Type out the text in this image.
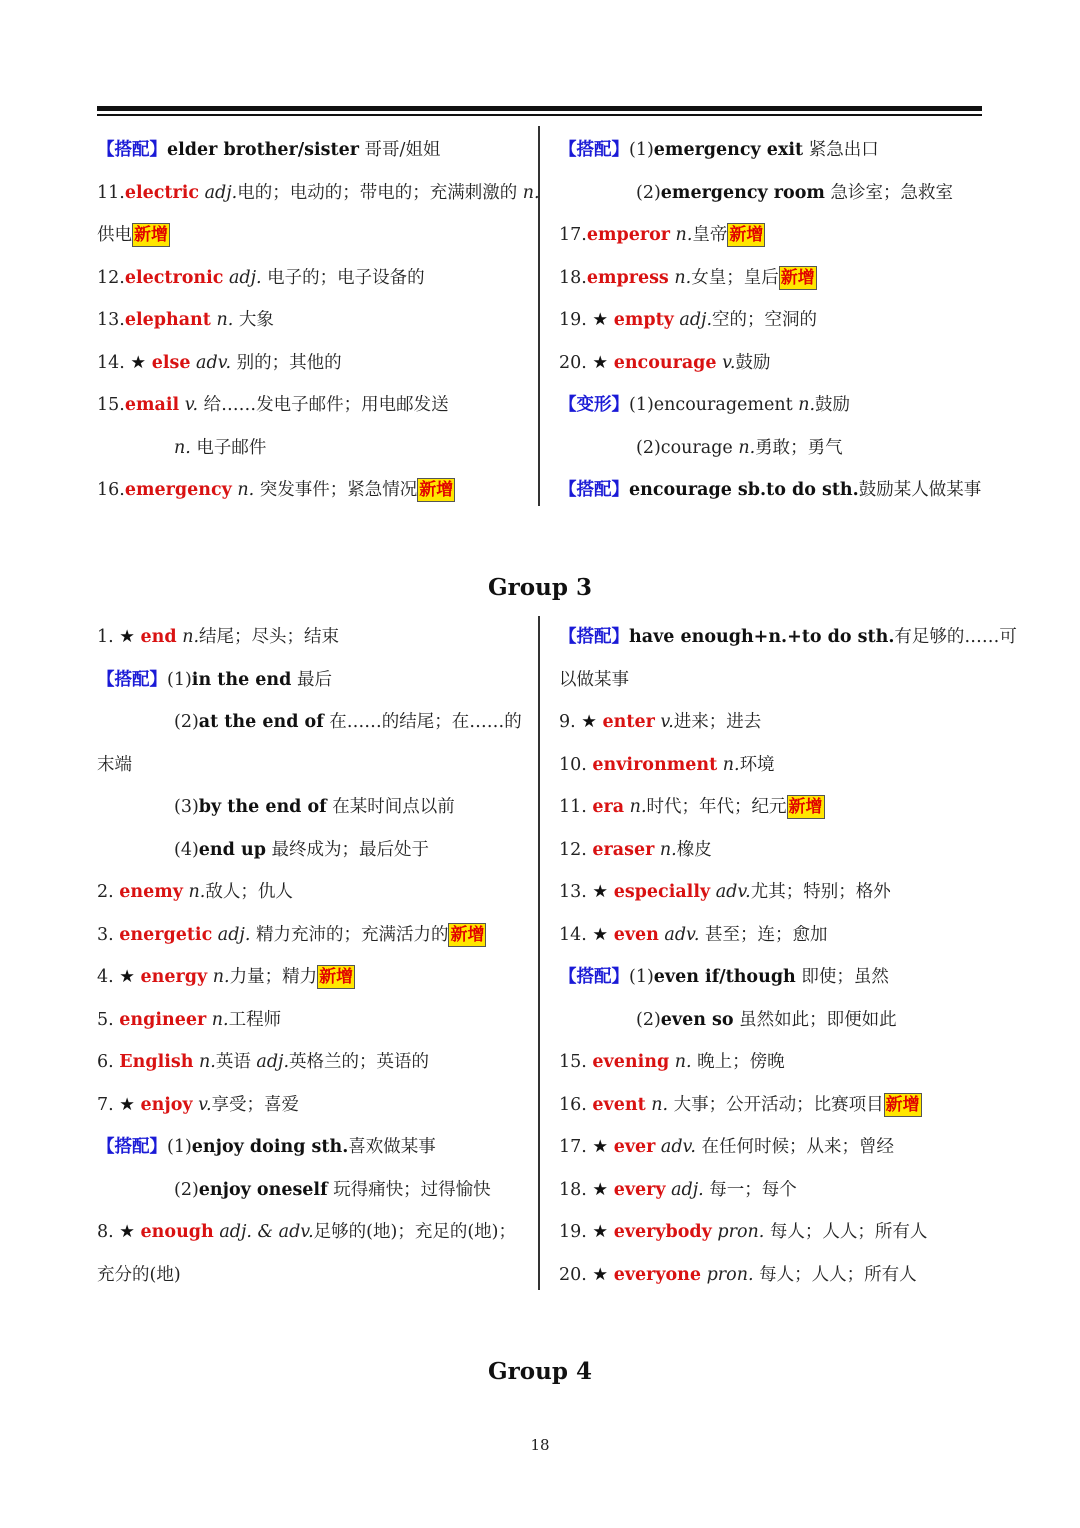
【搭配】elder brother/sister 哥哥/姐姐
11.electric adj.电的；电动的；带电的；充满刺激的 n.
供电 新增
12.electronic adj. 电子的；电子设备的
13.elephant n. 大象
14. ★ else adv. 别的；其他的
15.email v. 给……发电子邮件；用电邮发送
n. 电子邮件
16.emergency n. 突发事件；紧急情况 新增
【搭配】(1)emergency exit 紧急出口
(2)emergency room 急诊室；急救室
17.emperor n.皇帝 新增
18.empress n.女皇；皇后 新增
19. ★ empty adj.空的；空洞的
20. ★ encourage v.鼓励
【变形】(1)encouragement n.鼓励
(2)courage n.勇敢；勇气
【搭配】encourage sb.to do sth.鼓励某人做某事
Group 3
1. ★ end n.结尾；尽头；结束
【搭配】(1)in the end 最后
(2)at the end of 在……的结尾；在……的
末端
(3)by the end of 在某时间点以前
(4)end up 最终成为；最后处于
2. enemy n.敌人；仇人
3. energetic adj. 精力充沛的；充满活力的 新增
4. ★ energy n.力量；精力 新增
5. engineer n.工程师
6. English n.英语 adj.英格兰的；英语的
7. ★ enjoy v.享受；喜爱
【搭配】(1)enjoy doing sth.喜欢做某事
(2)enjoy oneself 玩得痛快；过得愉快
8. ★ enough adj. & adv.足够的(地)；充足的(地)；
充分的(地)
【搭配】have enough+n.+to do sth.有足够的……可
以做某事
9. ★ enter v.进来；进去
10. environment n.环境
11. era n.时代；年代；纪元 新增
12. eraser n.橡皮
13. ★ especially adv.尤其；特别；格外
14. ★ even adv. 甚至；连；愈加
【搭配】(1)even if/though 即使；虽然
(2)even so 虽然如此；即便如此
15. evening n. 晚上；傍晚
16. event n. 大事；公开活动；比赛项目 新增
17. ★ ever adv. 在任何时候；从来；曾经
18. ★ every adj. 每一；每个
19. ★ everybody pron. 每人；人人；所有人
20. ★ everyone pron. 每人；人人；所有人
Group 4
18
